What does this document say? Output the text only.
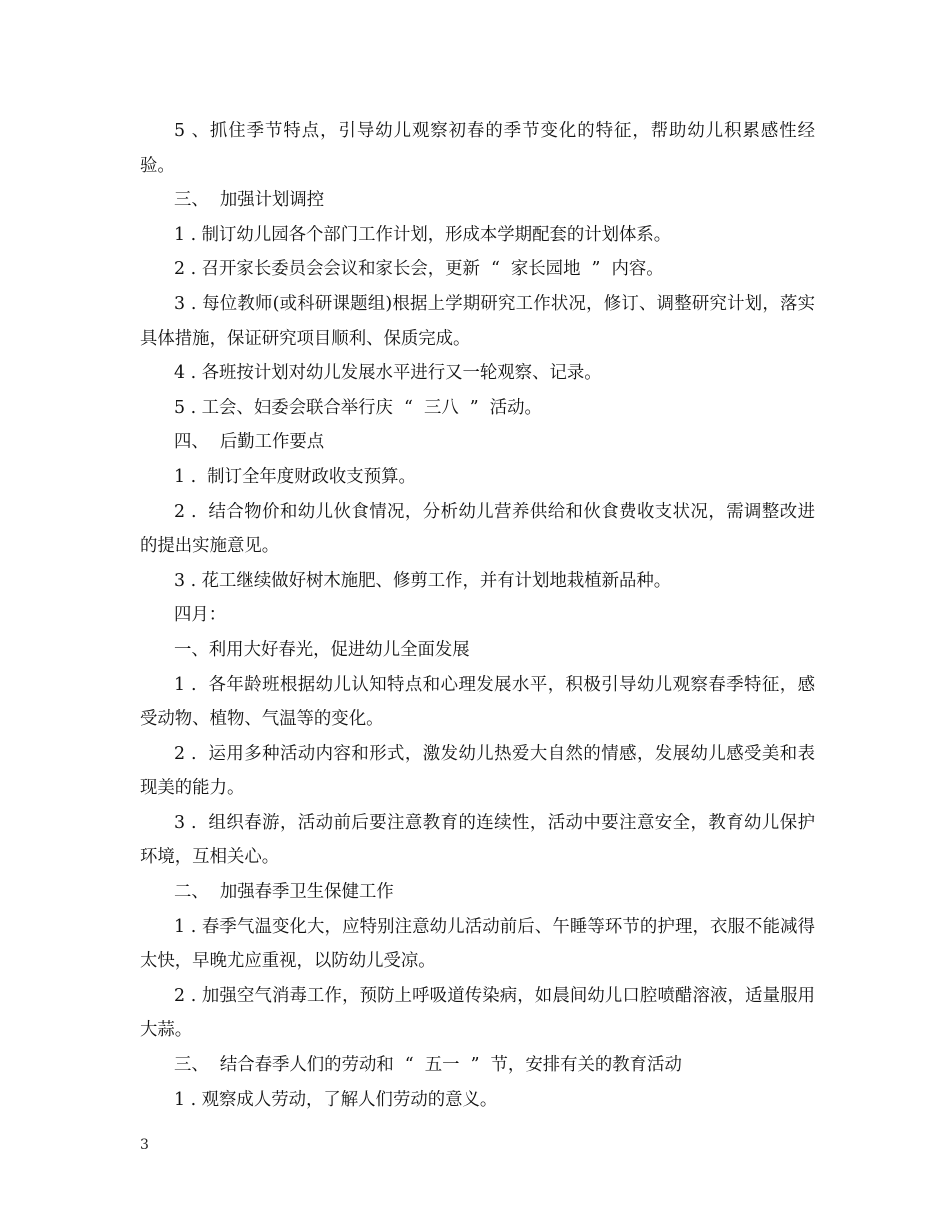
5 、抓住季节特点，引导幼儿观察初春的季节变化的特征，帮助幼儿积累感性经验。

三、  加强计划调控

1 . 制订幼儿园各个部门工作计划，形成本学期配套的计划体系。

2 . 召开家长委员会会议和家长会，更新  “  家长园地  ”  内容。

3 . 每位教师(或科研课题组)根据上学期研究工作状况，修订、调整研究计划，落实具体措施，保证研究项目顺利、保质完成。

4 . 各班按计划对幼儿发展水平进行又一轮观察、记录。

5 . 工会、妇委会联合举行庆  “  三八  ”  活动。

四、  后勤工作要点

1 .  制订全年度财政收支预算。

2 .  结合物价和幼儿伙食情况，分析幼儿营养供给和伙食费收支状况，需调整改进的提出实施意见。

3 . 花工继续做好树木施肥、修剪工作，并有计划地栽植新品种。

四月：

一、利用大好春光，促进幼儿全面发展

1 .  各年龄班根据幼儿认知特点和心理发展水平，积极引导幼儿观察春季特征，感受动物、植物、气温等的变化。

2 .  运用多种活动内容和形式，激发幼儿热爱大自然的情感，发展幼儿感受美和表现美的能力。

3 .  组织春游，活动前后要注意教育的连续性，活动中要注意安全，教育幼儿保护环境，互相关心。

二、  加强春季卫生保健工作

1 . 春季气温变化大，应特别注意幼儿活动前后、午睡等环节的护理，衣服不能减得太快，早晚尤应重视，以防幼儿受凉。

2 . 加强空气消毒工作，预防上呼吸道传染病，如晨间幼儿口腔喷醋溶液，适量服用大蒜。

三、  结合春季人们的劳动和  “  五一  ”  节，安排有关的教育活动

1 . 观察成人劳动，了解人们劳动的意义。

3
